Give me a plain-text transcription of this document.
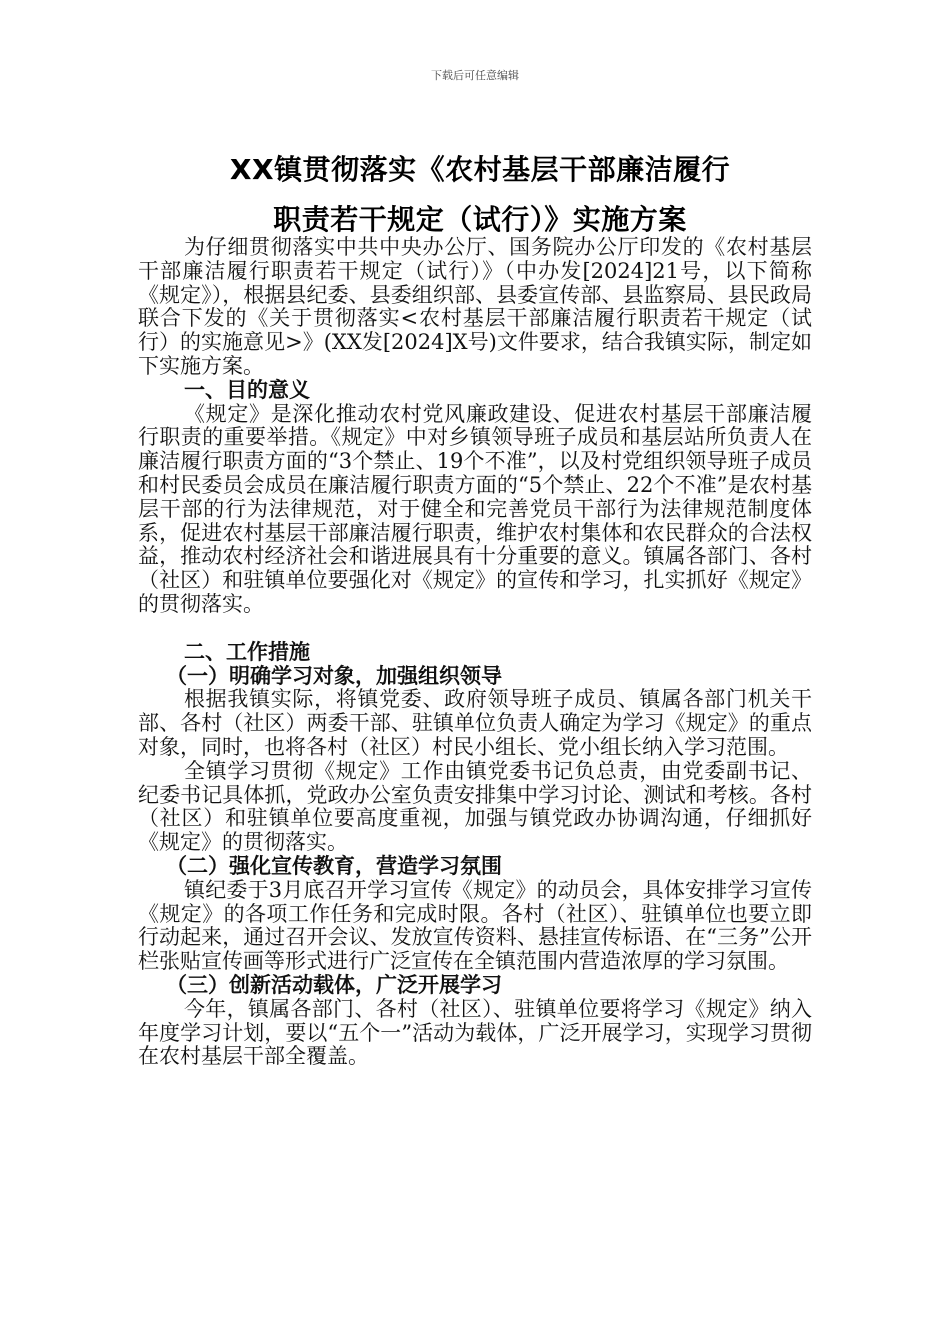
下载后可任意编辑
XX镇贯彻落实《农村基层干部廉洁履行
职责若干规定（试行）》实施方案

为仔细贯彻落实中共中央办公厅、国务院办公厅印发的《农村基层干部廉洁履行职责若干规定（试行）》（中办发[2024]21号，以下简称《规定》），根据县纪委、县委组织部、县委宣传部、县监察局、县民政局联合下发的《关于贯彻落实<农村基层干部廉洁履行职责若干规定（试行）的实施意见>》(XX发[2024]X号)文件要求，结合我镇实际，制定如下实施方案。

一、目的意义

《规定》是深化推动农村党风廉政建设、促进农村基层干部廉洁履行职责的重要举措。《规定》中对乡镇领导班子成员和基层站所负责人在廉洁履行职责方面的“3个禁止、19个不准”，以及村党组织领导班子成员和村民委员会成员在廉洁履行职责方面的“5个禁止、22个不准”是农村基层干部的行为法律规范，对于健全和完善党员干部行为法律规范制度体系，促进农村基层干部廉洁履行职责，维护农村集体和农民群众的合法权益，推动农村经济社会和谐进展具有十分重要的意义。镇属各部门、各村（社区）和驻镇单位要强化对《规定》的宣传和学习，扎实抓好《规定》的贯彻落实。

二、工作措施
（一）明确学习对象，加强组织领导

根据我镇实际，将镇党委、政府领导班子成员、镇属各部门机关干部、各村（社区）两委干部、驻镇单位负责人确定为学习《规定》的重点对象，同时，也将各村（社区）村民小组长、党小组长纳入学习范围。

全镇学习贯彻《规定》工作由镇党委书记负总责，由党委副书记、纪委书记具体抓，党政办公室负责安排集中学习讨论、测试和考核。各村（社区）和驻镇单位要高度重视，加强与镇党政办协调沟通，仔细抓好《规定》的贯彻落实。

（二）强化宣传教育，营造学习氛围

镇纪委于3月底召开学习宣传《规定》的动员会，具体安排学习宣传《规定》的各项工作任务和完成时限。各村（社区）、驻镇单位也要立即行动起来，通过召开会议、发放宣传资料、悬挂宣传标语、在“三务”公开栏张贴宣传画等形式进行广泛宣传在全镇范围内营造浓厚的学习氛围。

（三）创新活动载体，广泛开展学习

今年，镇属各部门、各村（社区）、驻镇单位要将学习《规定》纳入年度学习计划，要以“五个一”活动为载体，广泛开展学习，实现学习贯彻在农村基层干部全覆盖。
